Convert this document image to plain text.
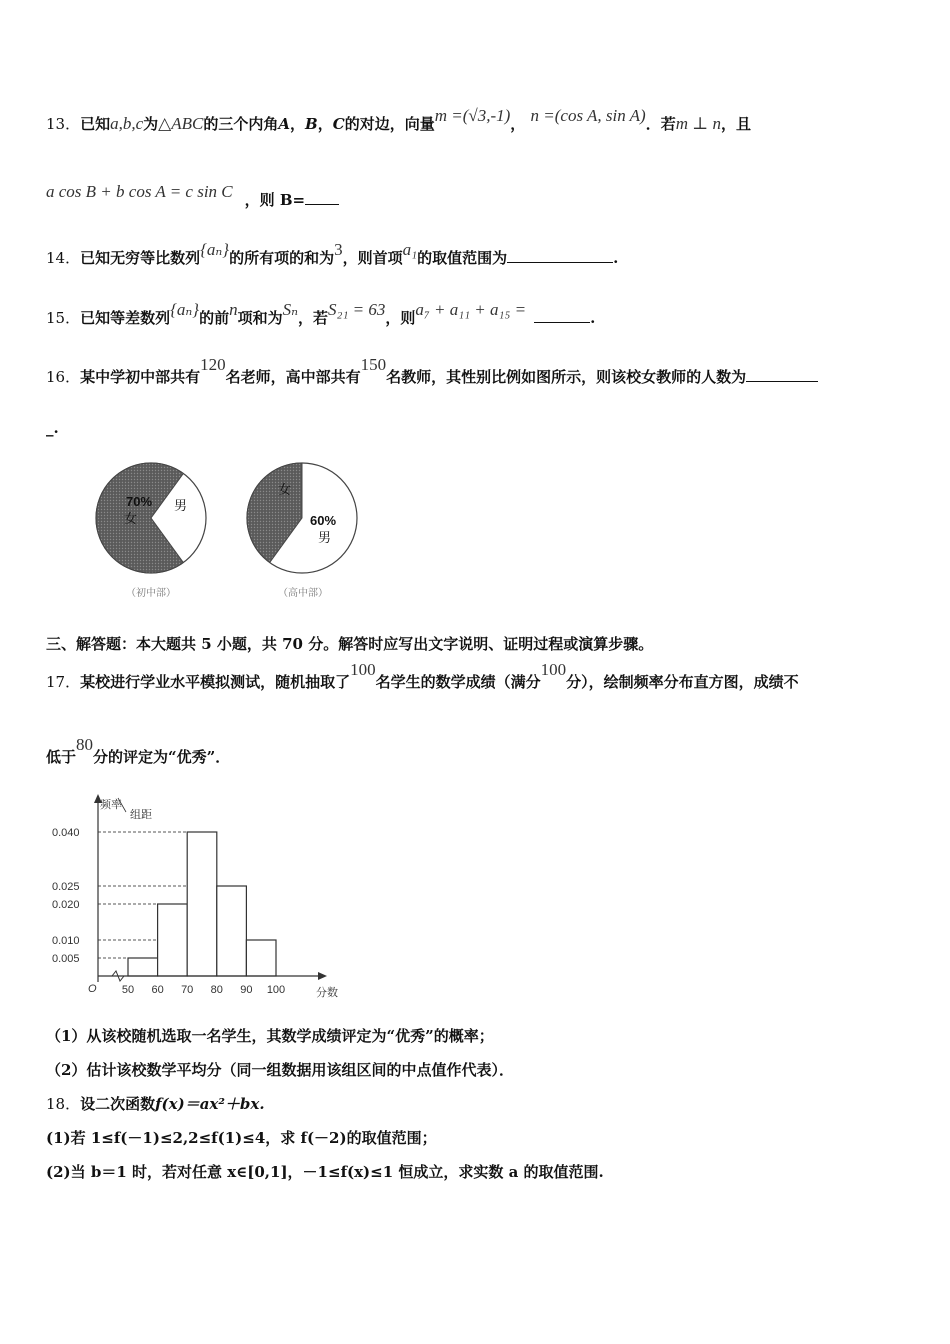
13．已知a,b,c为△ABC的三个内角A，B，C的对边，向量m =(√3,-1)， n =(cos A, sin A)．若m ⊥ n，且
a cos B + b cos A = c sin C ，则 B=
14．已知无穷等比数列{aₙ}的所有项的和为3，则首项a₁的取值范围为	.
15．已知等差数列{aₙ}的前n项和为Sₙ，若S₂₁ = 63，则a₇ + a₁₁ + a₁₅ =	.
16．某中学初中部共有120名老师，高中部共有150名教师，其性别比例如图所示，则该校女教师的人数为
_.
70%
女
男
（初中部）
女
60%
男
（高中部）
三、解答题：本大题共 5 小题，共 70 分。解答时应写出文字说明、证明过程或演算步骤。
17．某校进行学业水平模拟测试，随机抽取了100名学生的数学成绩（满分100分），绘制频率分布直方图，成绩不
低于80分的评定为“优秀”．
0.005
0.010
0.020
0.025
0.040
50 60 70 80 90 100
频率
组距
O	分数
（1）从该校随机选取一名学生，其数学成绩评定为“优秀”的概率；
（2）估计该校数学平均分（同一组数据用该组区间的中点值作代表）．
18．设二次函数f(x)＝ax²＋bx.
(1)若 1≤f(－1)≤2,2≤f(1)≤4，求 f(－2)的取值范围；
(2)当 b＝1 时，若对任意 x∈[0,1]，－1≤f(x)≤1 恒成立，求实数 a 的取值范围.
